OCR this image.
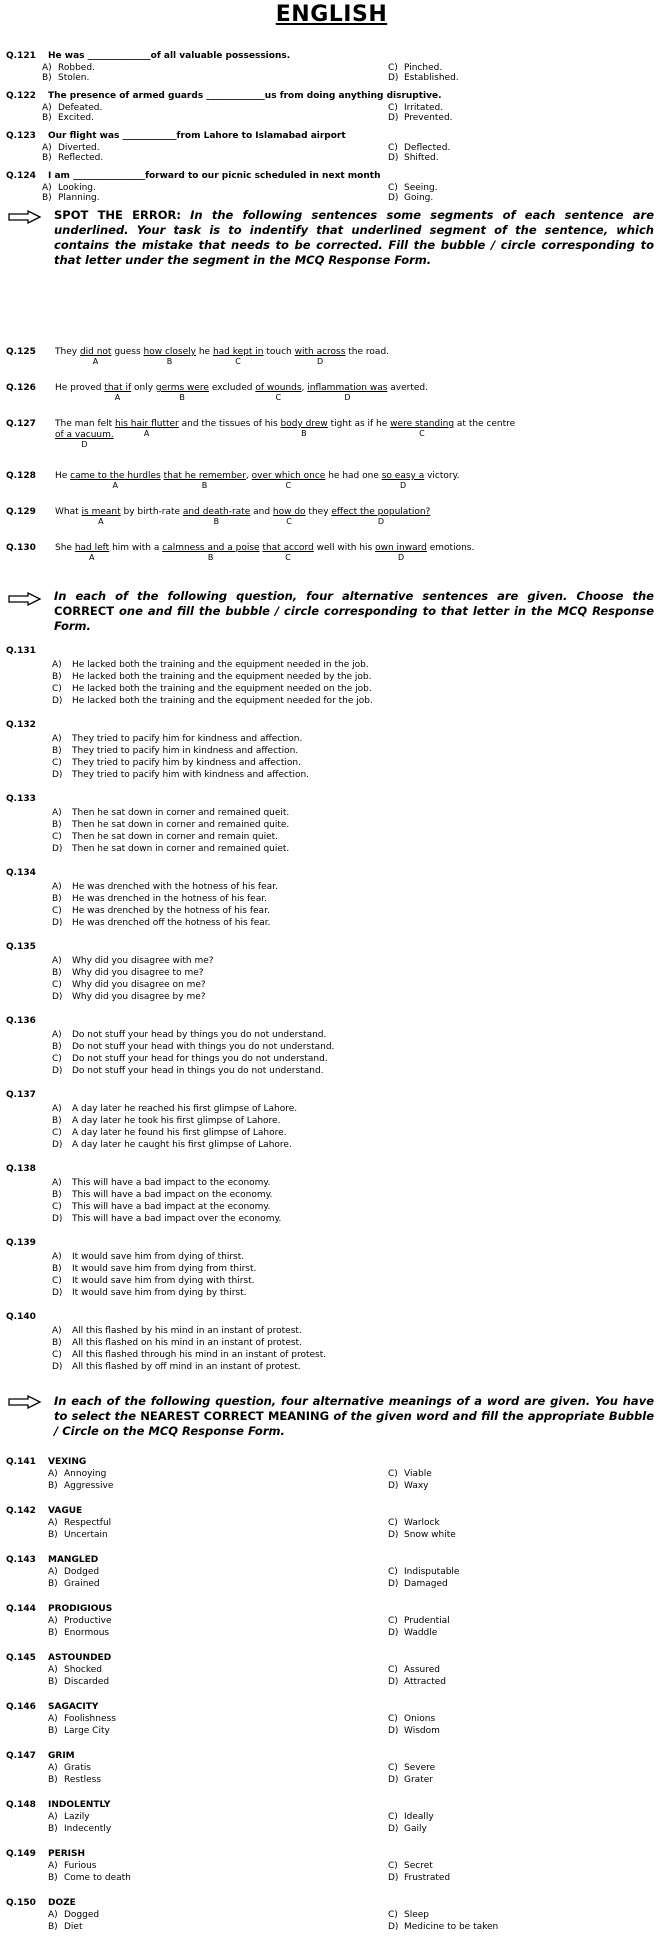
ENGLISH
Q.121 He was ______________of all valuable possessions.
A) Robbed.
B) Stolen.
C) Pinched.
D) Established.
Q.122 The presence of armed guards _____________us from doing anything disruptive.
A) Defeated.
B) Excited.
C) Irritated.
D) Prevented.
Q.123 Our flight was ____________from Lahore to Islamabad airport
A) Diverted.
B) Reflected.
C) Deflected.
D) Shifted.
Q.124 I am ________________forward to our picnic scheduled in next month
A) Looking.
B) Planning.
C) Seeing.
D) Going.
SPOT THE ERROR: In the following sentences some segments of each sentence are underlined. Your task is to indentify that underlined segment of the sentence, which contains the mistake that needs to be corrected. Fill the bubble / circle corresponding to that letter under the segment in the MCQ Response Form.
Q.125 They did not guess how closely he had kept in touch with across the road.
A	B	C	D
Q.126 He proved that if only germs were excluded of wounds, inflammation was averted.
A	B	C	D
Q.127 The man felt his hair flutter and the tissues of his body drew tight as if he were standing at the centre
of a vacuum.	A	B	C
D
Q.128 He came to the hurdles that he remember, over which once he had one so easy a victory.
A	B	C	D
Q.129 What is meant by birth-rate and death-rate and how do they effect the population?
A	B	C	D
Q.130 She had left him with a calmness and a poise that accord well with his own inward emotions.
A	B	C	D
In each of the following question, four alternative sentences are given. Choose the CORRECT one and fill the bubble / circle corresponding to that letter in the MCQ Response Form.
Q.131
A) He lacked both the training and the equipment needed in the job.
B) He lacked both the training and the equipment needed by the job.
C) He lacked both the training and the equipment needed on the job.
D) He lacked both the training and the equipment needed for the job.
Q.132
A) They tried to pacify him for kindness and affection.
B) They tried to pacify him in kindness and affection.
C) They tried to pacify him by kindness and affection.
D) They tried to pacify him with kindness and affection.
Q.133
A) Then he sat down in corner and remained queit.
B) Then he sat down in corner and remained quite.
C) Then he sat down in corner and remain quiet.
D) Then he sat down in corner and remained quiet.
Q.134
A) He was drenched with the hotness of his fear.
B) He was drenched in the hotness of his fear.
C) He was drenched by the hotness of his fear.
D) He was drenched off the hotness of his fear.
Q.135
A) Why did you disagree with me?
B) Why did you disagree to me?
C) Why did you disagree on me?
D) Why did you disagree by me?
Q.136
A) Do not stuff your head by things you do not understand.
B) Do not stuff your head with things you do not understand.
C) Do not stuff your head for things you do not understand.
D) Do not stuff your head in things you do not understand.
Q.137
A) A day later he reached his first glimpse of Lahore.
B) A day later he took his first glimpse of Lahore.
C) A day later he found his first glimpse of Lahore.
D) A day later he caught his first glimpse of Lahore.
Q.138
A) This will have a bad impact to the economy.
B) This will have a bad impact on the economy.
C) This will have a bad impact at the economy.
D) This will have a bad impact over the economy.
Q.139
A) It would save him from dying of thirst.
B) It would save him from dying from thirst.
C) It would save him from dying with thirst.
D) It would save him from dying by thirst.
Q.140
A) All this flashed by his mind in an instant of protest.
B) All this flashed on his mind in an instant of protest.
C) All this flashed through his mind in an instant of protest.
D) All this flashed by off mind in an instant of protest.
In each of the following question, four alternative meanings of a word are given. You have to select the NEAREST CORRECT MEANING of the given word and fill the appropriate Bubble / Circle on the MCQ Response Form.
Q.141 VEXING
A) Annoying
B) Aggressive
C) Viable
D) Waxy
Q.142 VAGUE
A) Respectful
B) Uncertain
C) Warlock
D) Snow white
Q.143 MANGLED
A) Dodged
B) Grained
C) Indisputable
D) Damaged
Q.144 PRODIGIOUS
A) Productive
B) Enormous
C) Prudential
D) Waddle
Q.145 ASTOUNDED
A) Shocked
B) Discarded
C) Assured
D) Attracted
Q.146 SAGACITY
A) Foolishness
B) Large City
C) Onions
D) Wisdom
Q.147 GRIM
A) Gratis
B) Restless
C) Severe
D) Grater
Q.148 INDOLENTLY
A) Lazily
B) Indecently
C) Ideally
D) Gaily
Q.149 PERISH
A) Furious
B) Come to death
C) Secret
D) Frustrated
Q.150 DOZE
A) Dogged
B) Diet
C) Sleep
D) Medicine to be taken
